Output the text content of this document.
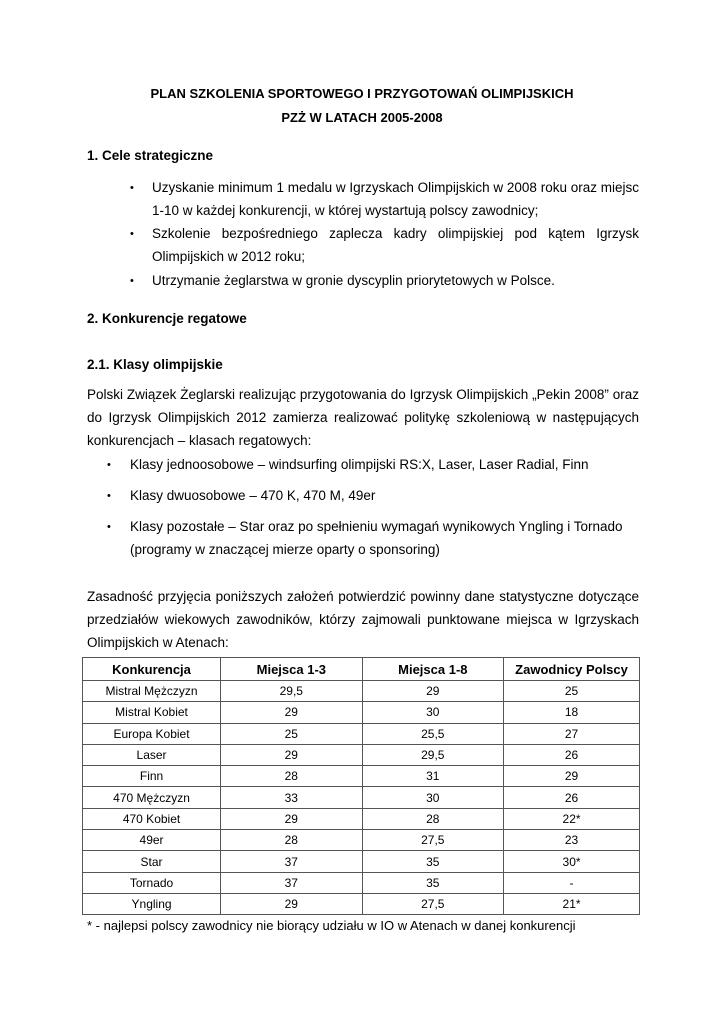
PLAN SZKOLENIA SPORTOWEGO I PRZYGOTOWAŃ OLIMPIJSKICH
PZŻ W LATACH 2005-2008
1. Cele strategiczne
• Uzyskanie minimum 1 medalu w Igrzyskach Olimpijskich w 2008 roku oraz miejsc
1-10 w każdej konkurencji, w której wystartują polscy zawodnicy;
• Szkolenie bezpośredniego zaplecza kadry olimpijskiej pod kątem Igrzysk
Olimpijskich w 2012 roku;
• Utrzymanie żeglarstwa w gronie dyscyplin priorytetowych w Polsce.
2. Konkurencje regatowe
2.1. Klasy olimpijskie
Polski Związek Żeglarski realizując przygotowania do Igrzysk Olimpijskich „Pekin 2008” oraz
do Igrzysk Olimpijskich 2012 zamierza realizować politykę szkoleniową w następujących
konkurencjach – klasach regatowych:
• Klasy jednoosobowe – windsurfing olimpijski RS:X, Laser, Laser Radial, Finn
• Klasy dwuosobowe – 470 K, 470 M, 49er
• Klasy pozostałe – Star oraz po spełnieniu wymagań wynikowych Yngling i Tornado
(programy w znaczącej mierze oparty o sponsoring)
Zasadność przyjęcia poniższych założeń potwierdzić powinny dane statystyczne dotyczące
przedziałów wiekowych zawodników, którzy zajmowali punktowane miejsca w Igrzyskach
Olimpijskich w Atenach:
Konkurencja	Miejsca 1-3	Miejsca 1-8	Zawodnicy Polscy
Mistral Mężczyzn	29,5	29	25
Mistral Kobiet	29	30	18
Europa Kobiet	25	25,5	27
Laser	29	29,5	26
Finn	28	31	29
470 Mężczyzn	33	30	26
470 Kobiet	29	28	22*
49er	28	27,5	23
Star	37	35	30*
Tornado	37	35	-
Yngling	29	27,5	21*
* - najlepsi polscy zawodnicy nie biorący udziału w IO w Atenach w danej konkurencji
